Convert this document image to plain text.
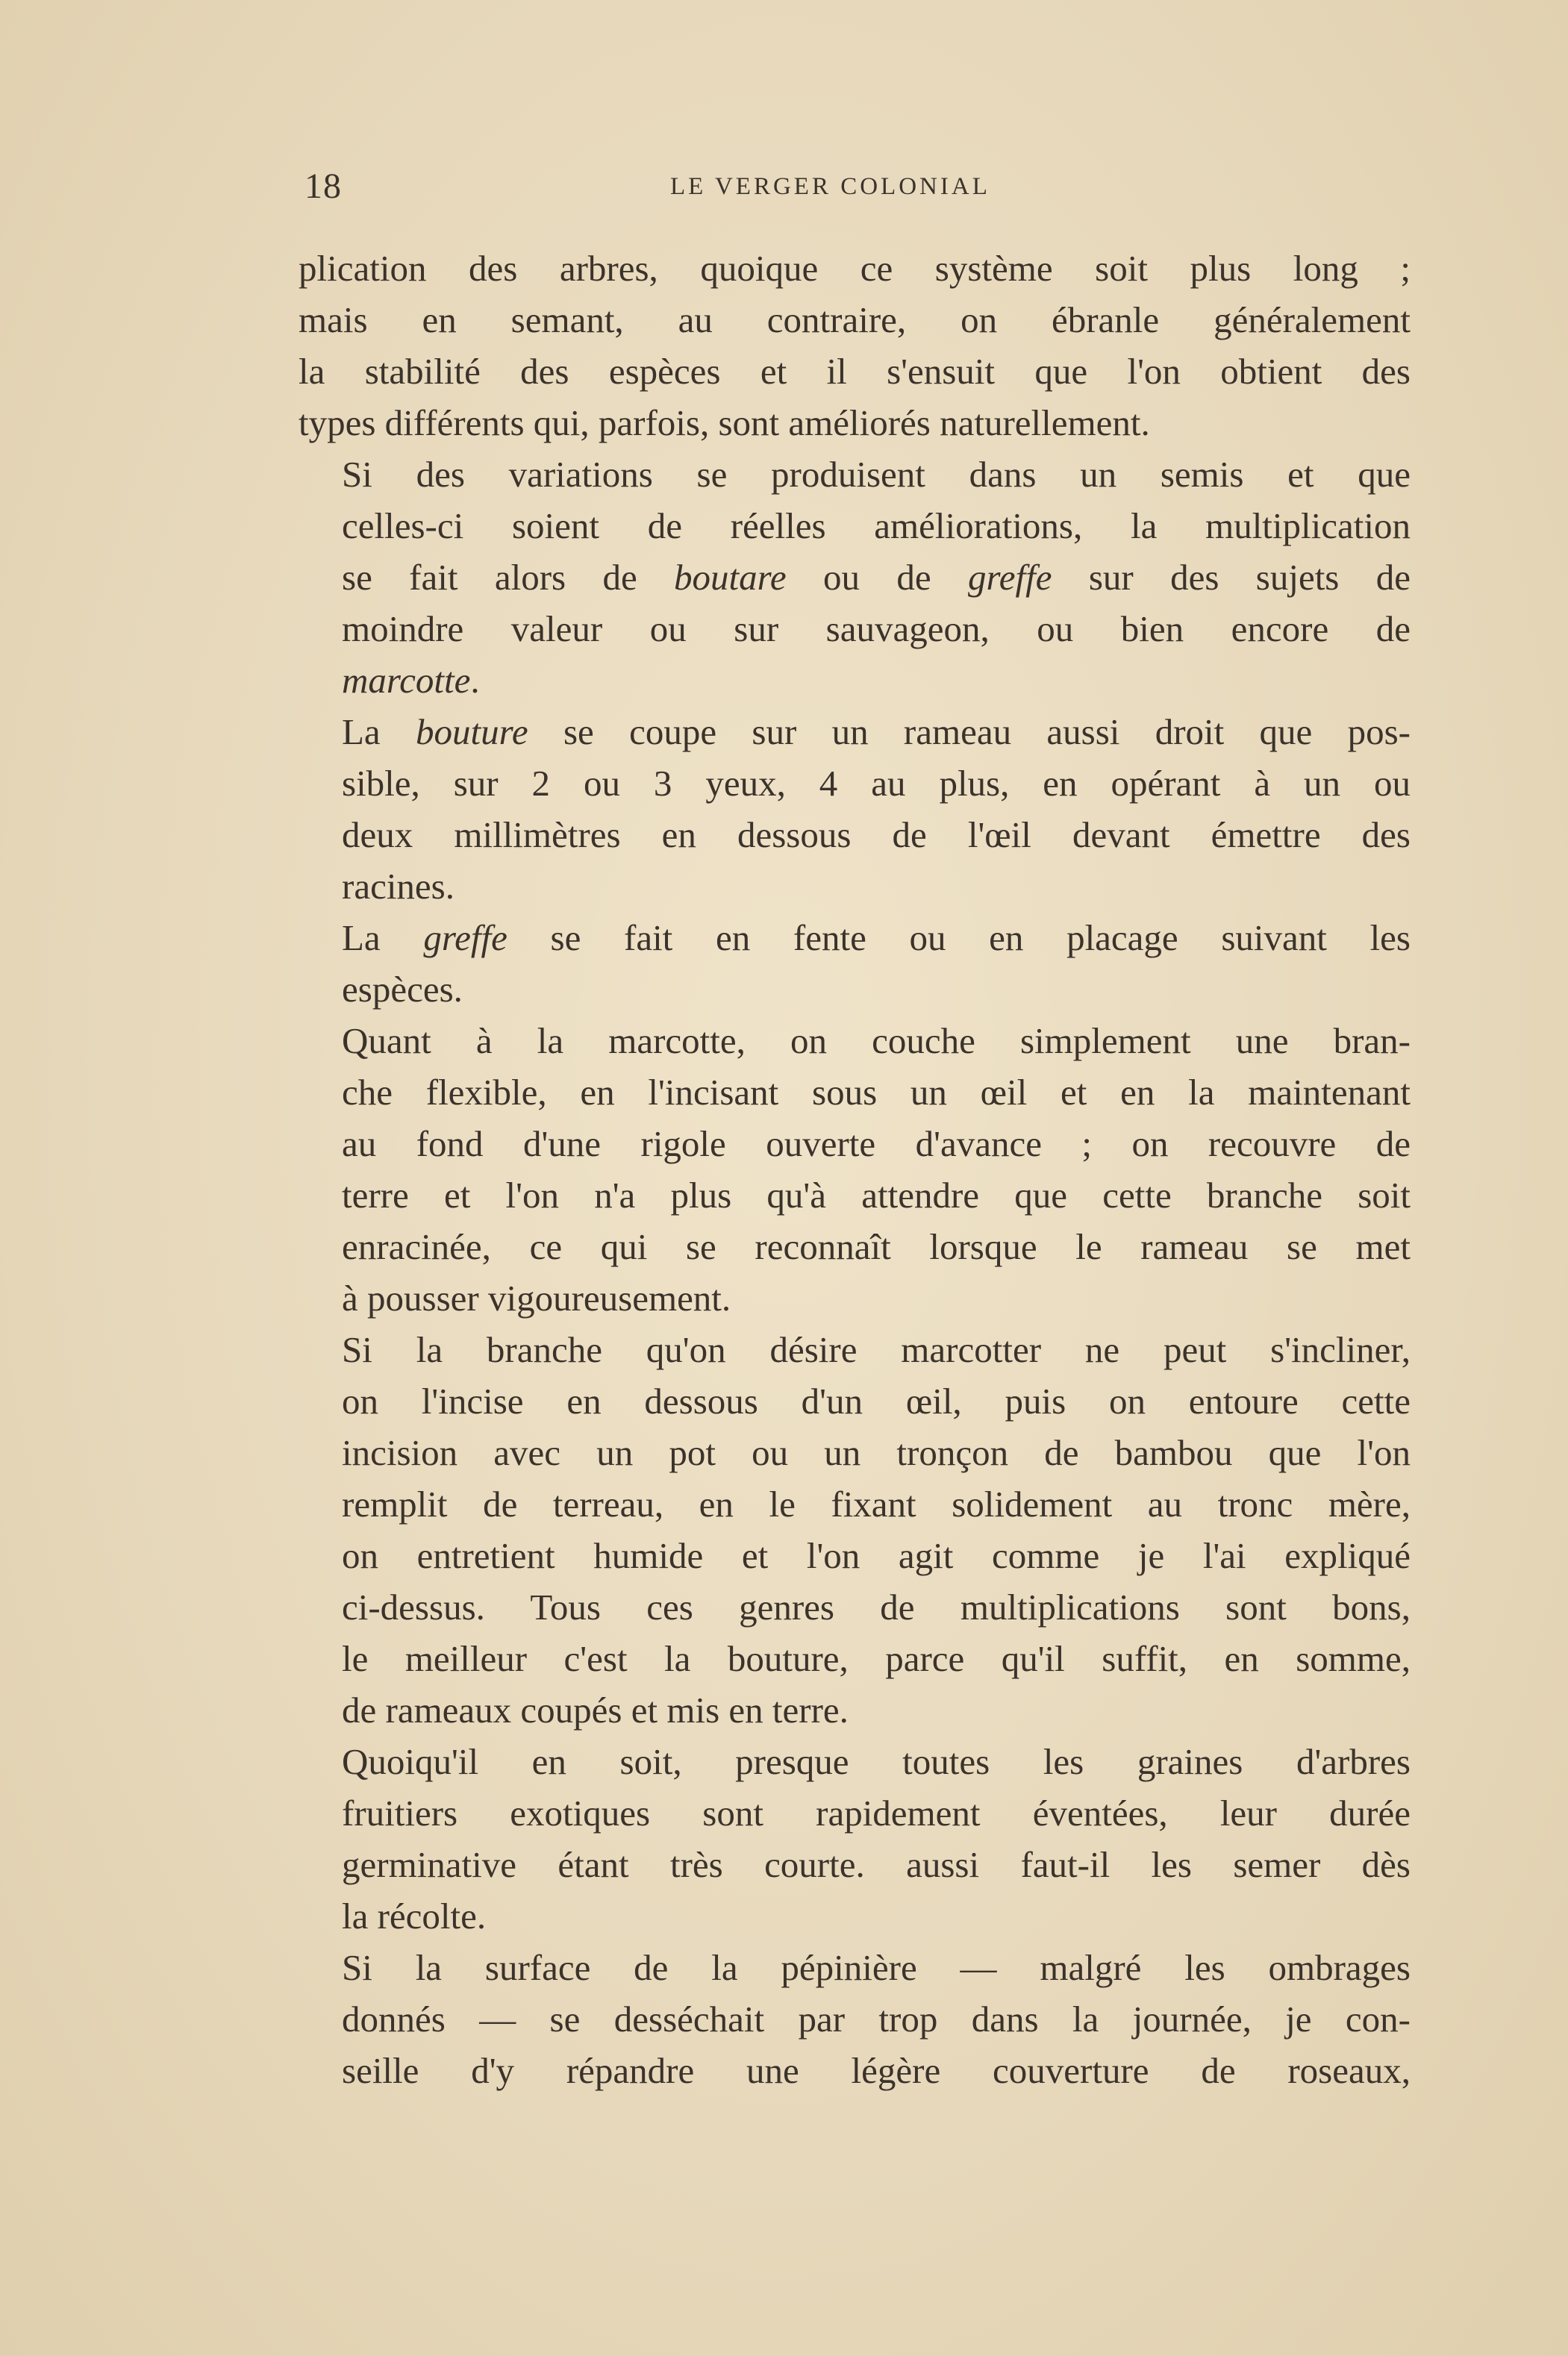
18	LE VERGER COLONIAL
plication des arbres, quoique ce système soit plus long ;
mais en semant, au contraire, on ébranle généralement
la stabilité des espèces et il s'ensuit que l'on obtient des
types différents qui, parfois, sont améliorés naturellement.
Si des variations se produisent dans un semis et que
celles-ci soient de réelles améliorations, la multiplication
se fait alors de boutare ou de greffe sur des sujets de
moindre valeur ou sur sauvageon, ou bien encore de
marcotte.
La bouture se coupe sur un rameau aussi droit que pos-
sible, sur 2 ou 3 yeux, 4 au plus, en opérant à un ou
deux millimètres en dessous de l'œil devant émettre des
racines.
La greffe se fait en fente ou en placage suivant les
espèces.
Quant à la marcotte, on couche simplement une bran-
che flexible, en l'incisant sous un œil et en la maintenant
au fond d'une rigole ouverte d'avance ; on recouvre de
terre et l'on n'a plus qu'à attendre que cette branche soit
enracinée, ce qui se reconnaît lorsque le rameau se met
à pousser vigoureusement.
Si la branche qu'on désire marcotter ne peut s'incliner,
on l'incise en dessous d'un œil, puis on entoure cette
incision avec un pot ou un tronçon de bambou que l'on
remplit de terreau, en le fixant solidement au tronc mère,
on entretient humide et l'on agit comme je l'ai expliqué
ci-dessus. Tous ces genres de multiplications sont bons,
le meilleur c'est la bouture, parce qu'il suffit, en somme,
de rameaux coupés et mis en terre.
Quoiqu'il en soit, presque toutes les graines d'arbres
fruitiers exotiques sont rapidement éventées, leur durée
germinative étant très courte. aussi faut-il les semer dès
la récolte.
Si la surface de la pépinière — malgré les ombrages
donnés — se desséchait par trop dans la journée, je con-
seille d'y répandre une légère couverture de roseaux,
